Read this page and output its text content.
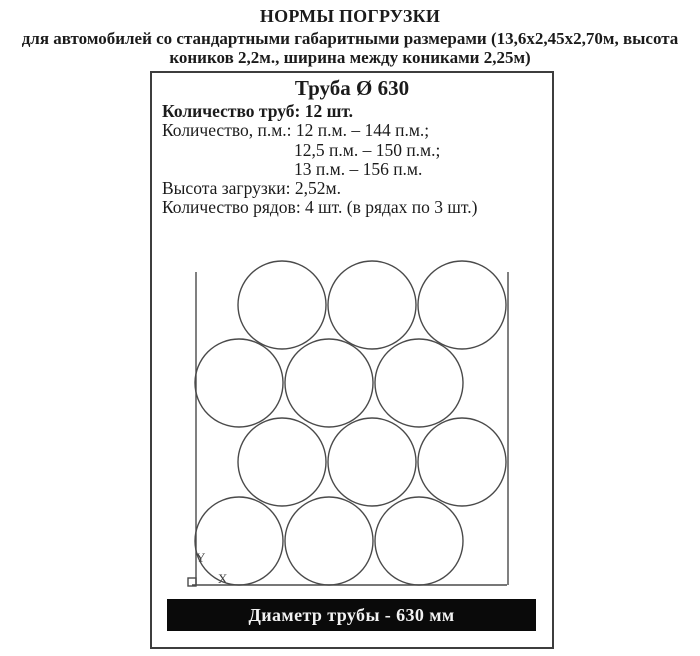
НОРМЫ ПОГРУЗКИ
для автомобилей со стандартными габаритными размерами (13,6х2,45х2,70м, высота
коников 2,2м., ширина между кониками 2,25м)
Y
X
Труба Ø 630
Количество труб: 12 шт.
Количество, п.м.: 12 п.м. – 144 п.м.;
12,5 п.м. – 150 п.м.;
13 п.м. – 156 п.м.
Высота загрузки: 2,52м.
Количество рядов: 4 шт. (в рядах по 3 шт.)
Диаметр трубы - 630 мм
